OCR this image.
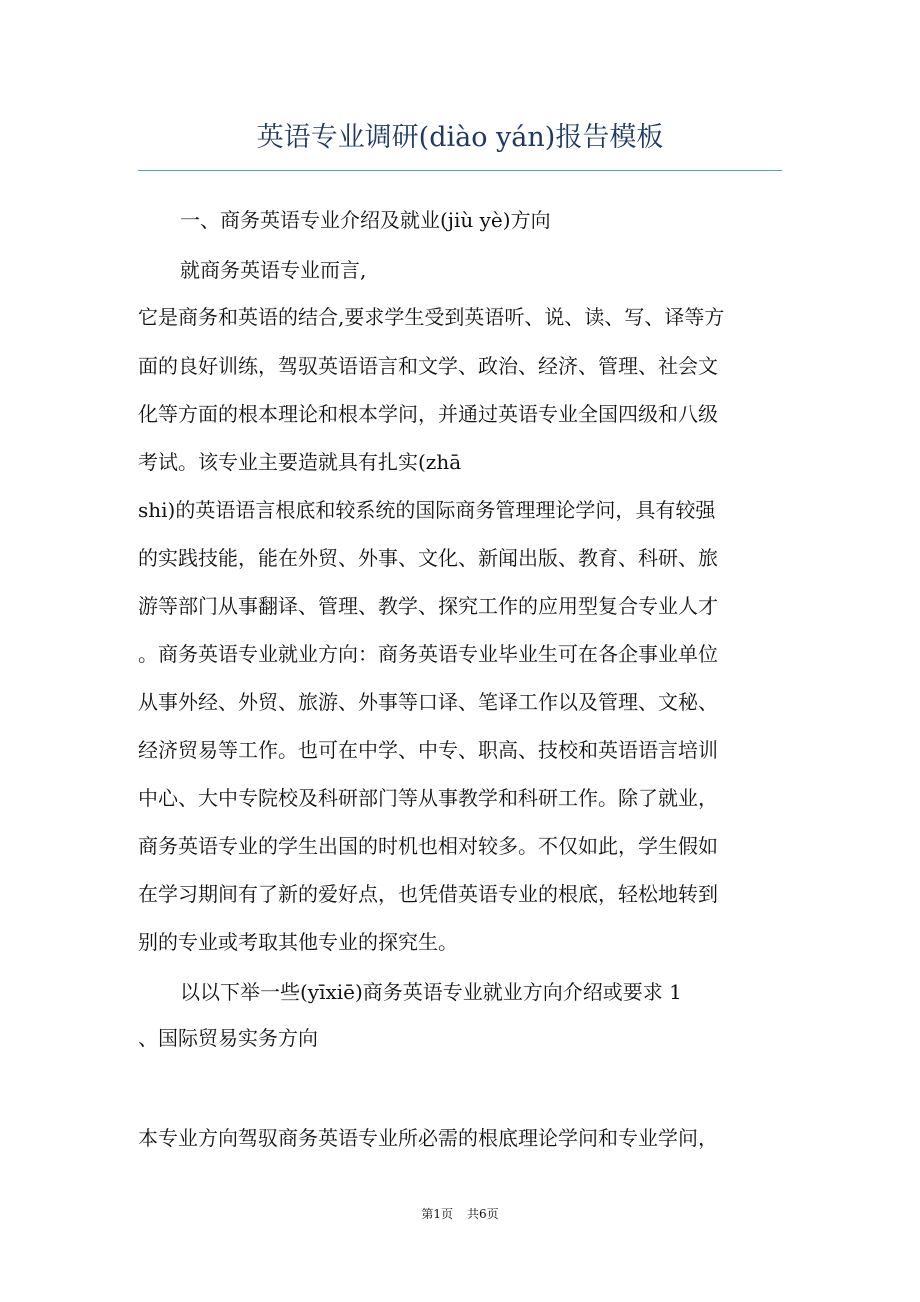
英语专业调研(diào yán)报告模板
一、商务英语专业介绍及就业(jiù yè)方向
就商务英语专业而言,
它是商务和英语的结合,要求学生受到英语听、说、读、写、译等方
面的良好训练，驾驭英语语言和文学、政治、经济、管理、社会文
化等方面的根本理论和根本学问，并通过英语专业全国四级和八级
考试。该专业主要造就具有扎实(zhā
shi)的英语语言根底和较系统的国际商务管理理论学问，具有较强
的实践技能，能在外贸、外事、文化、新闻出版、教育、科研、旅
游等部门从事翻译、管理、教学、探究工作的应用型复合专业人才
。商务英语专业就业方向：商务英语专业毕业生可在各企事业单位
从事外经、外贸、旅游、外事等口译、笔译工作以及管理、文秘、
经济贸易等工作。也可在中学、中专、职高、技校和英语语言培训
中心、大中专院校及科研部门等从事教学和科研工作。除了就业，
商务英语专业的学生出国的时机也相对较多。不仅如此，学生假如
在学习期间有了新的爱好点，也凭借英语专业的根底，轻松地转到
别的专业或考取其他专业的探究生。
以以下举一些(yīxiē)商务英语专业就业方向介绍或要求 1
、国际贸易实务方向
本专业方向驾驭商务英语专业所必需的根底理论学问和专业学问，
第1页 共6页
